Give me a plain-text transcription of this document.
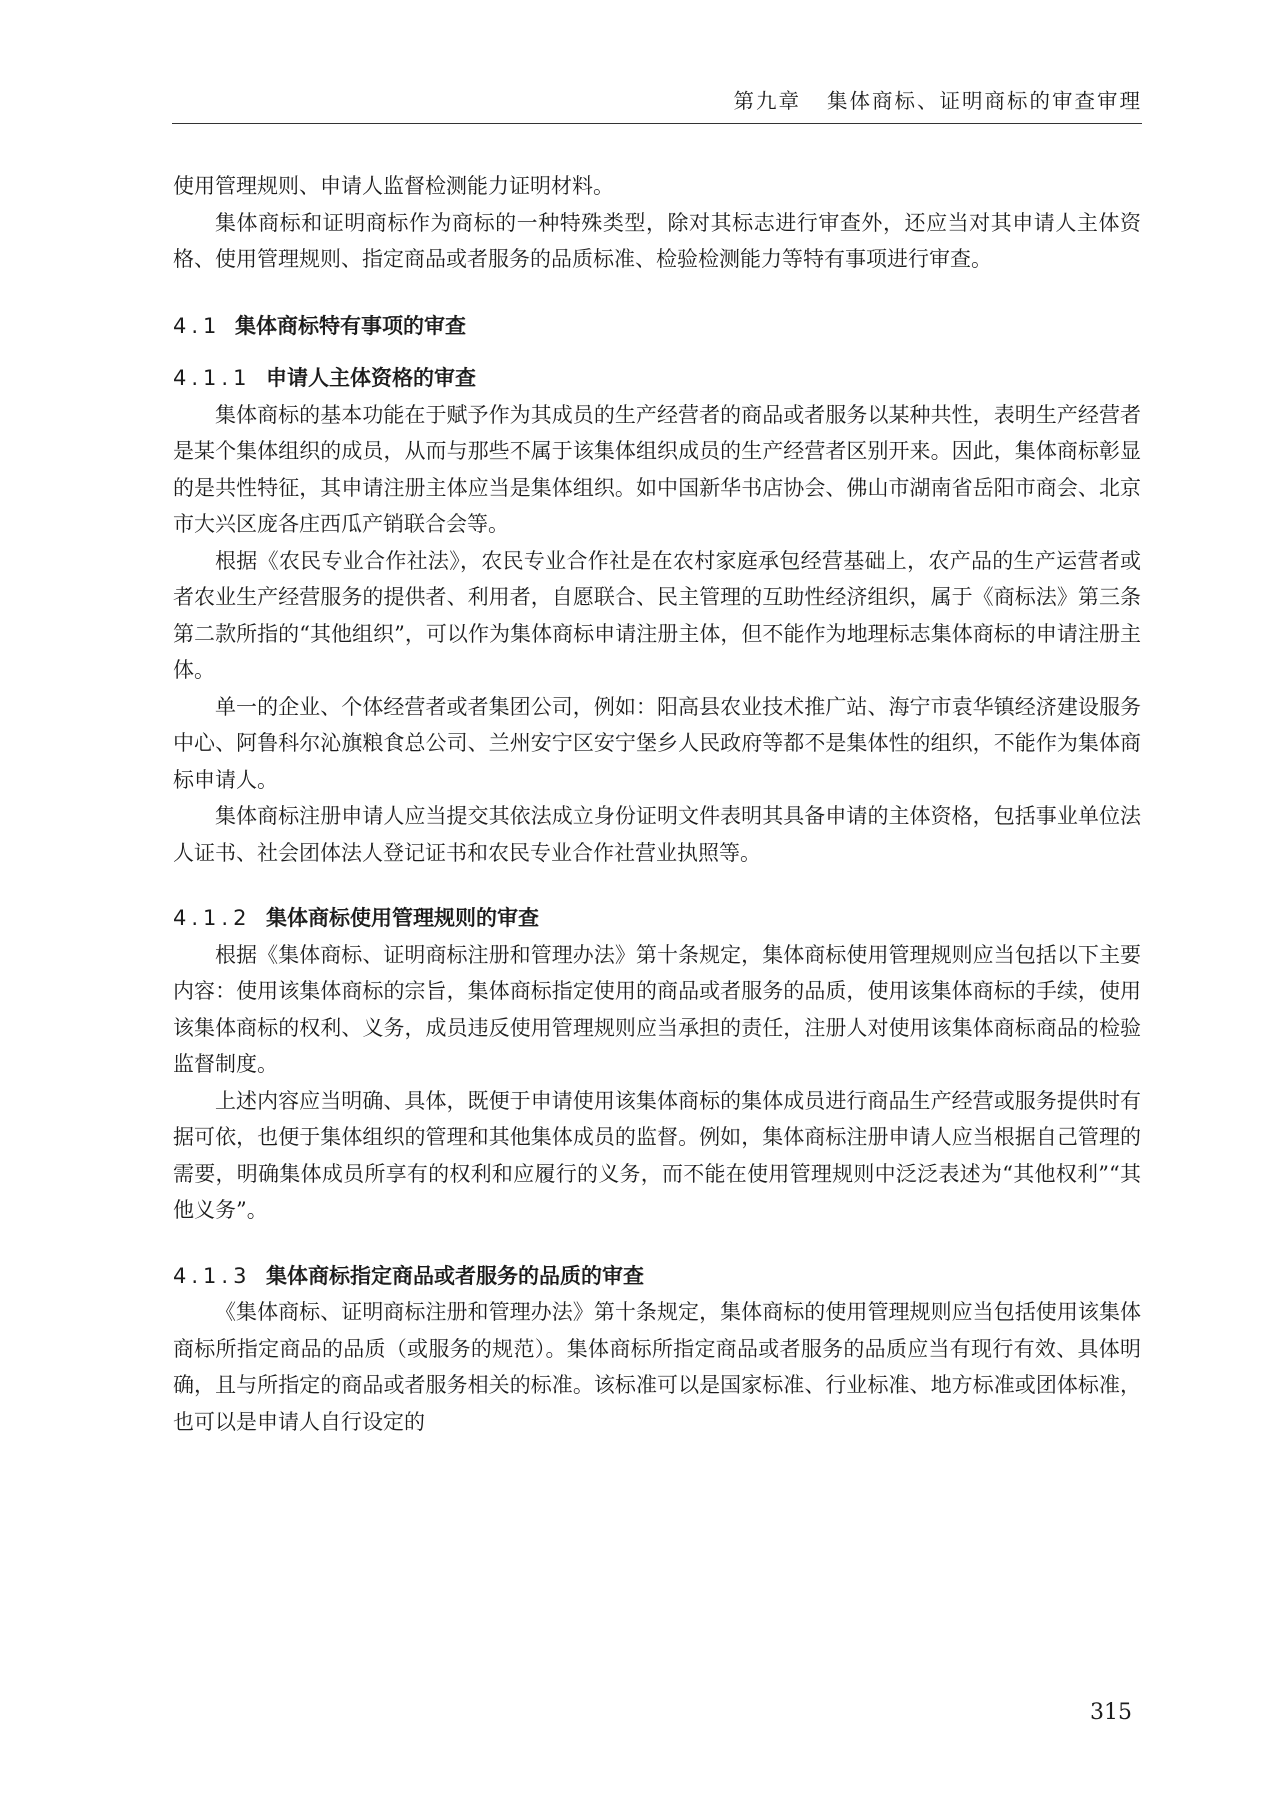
第九章 集体商标、证明商标的审查审理

使用管理规则、申请人监督检测能力证明材料。

集体商标和证明商标作为商标的一种特殊类型，除对其标志进行审查外，还应当对其申请人主体资格、使用管理规则、指定商品或者服务的品质标准、检验检测能力等特有事项进行审查。

4.1 集体商标特有事项的审查
4.1.1 申请人主体资格的审查

集体商标的基本功能在于赋予作为其成员的生产经营者的商品或者服务以某种共性，表明生产经营者是某个集体组织的成员，从而与那些不属于该集体组织成员的生产经营者区别开来。因此，集体商标彰显的是共性特征，其申请注册主体应当是集体组织。如中国新华书店协会、佛山市湖南省岳阳市商会、北京市大兴区庞各庄西瓜产销联合会等。

根据《农民专业合作社法》，农民专业合作社是在农村家庭承包经营基础上，农产品的生产运营者或者农业生产经营服务的提供者、利用者，自愿联合、民主管理的互助性经济组织，属于《商标法》第三条第二款所指的“其他组织”，可以作为集体商标申请注册主体，但不能作为地理标志集体商标的申请注册主体。

单一的企业、个体经营者或者集团公司，例如：阳高县农业技术推广站、海宁市袁华镇经济建设服务中心、阿鲁科尔沁旗粮食总公司、兰州安宁区安宁堡乡人民政府等都不是集体性的组织，不能作为集体商标申请人。

集体商标注册申请人应当提交其依法成立身份证明文件表明其具备申请的主体资格，包括事业单位法人证书、社会团体法人登记证书和农民专业合作社营业执照等。

4.1.2 集体商标使用管理规则的审查

根据《集体商标、证明商标注册和管理办法》第十条规定，集体商标使用管理规则应当包括以下主要内容：使用该集体商标的宗旨，集体商标指定使用的商品或者服务的品质，使用该集体商标的手续，使用该集体商标的权利、义务，成员违反使用管理规则应当承担的责任，注册人对使用该集体商标商品的检验监督制度。

上述内容应当明确、具体，既便于申请使用该集体商标的集体成员进行商品生产经营或服务提供时有据可依，也便于集体组织的管理和其他集体成员的监督。例如，集体商标注册申请人应当根据自己管理的需要，明确集体成员所享有的权利和应履行的义务，而不能在使用管理规则中泛泛表述为“其他权利”“其他义务”。

4.1.3 集体商标指定商品或者服务的品质的审查

《集体商标、证明商标注册和管理办法》第十条规定，集体商标的使用管理规则应当包括使用该集体商标所指定商品的品质（或服务的规范）。集体商标所指定商品或者服务的品质应当有现行有效、具体明确，且与所指定的商品或者服务相关的标准。该标准可以是国家标准、行业标准、地方标准或团体标准，也可以是申请人自行设定的

315
